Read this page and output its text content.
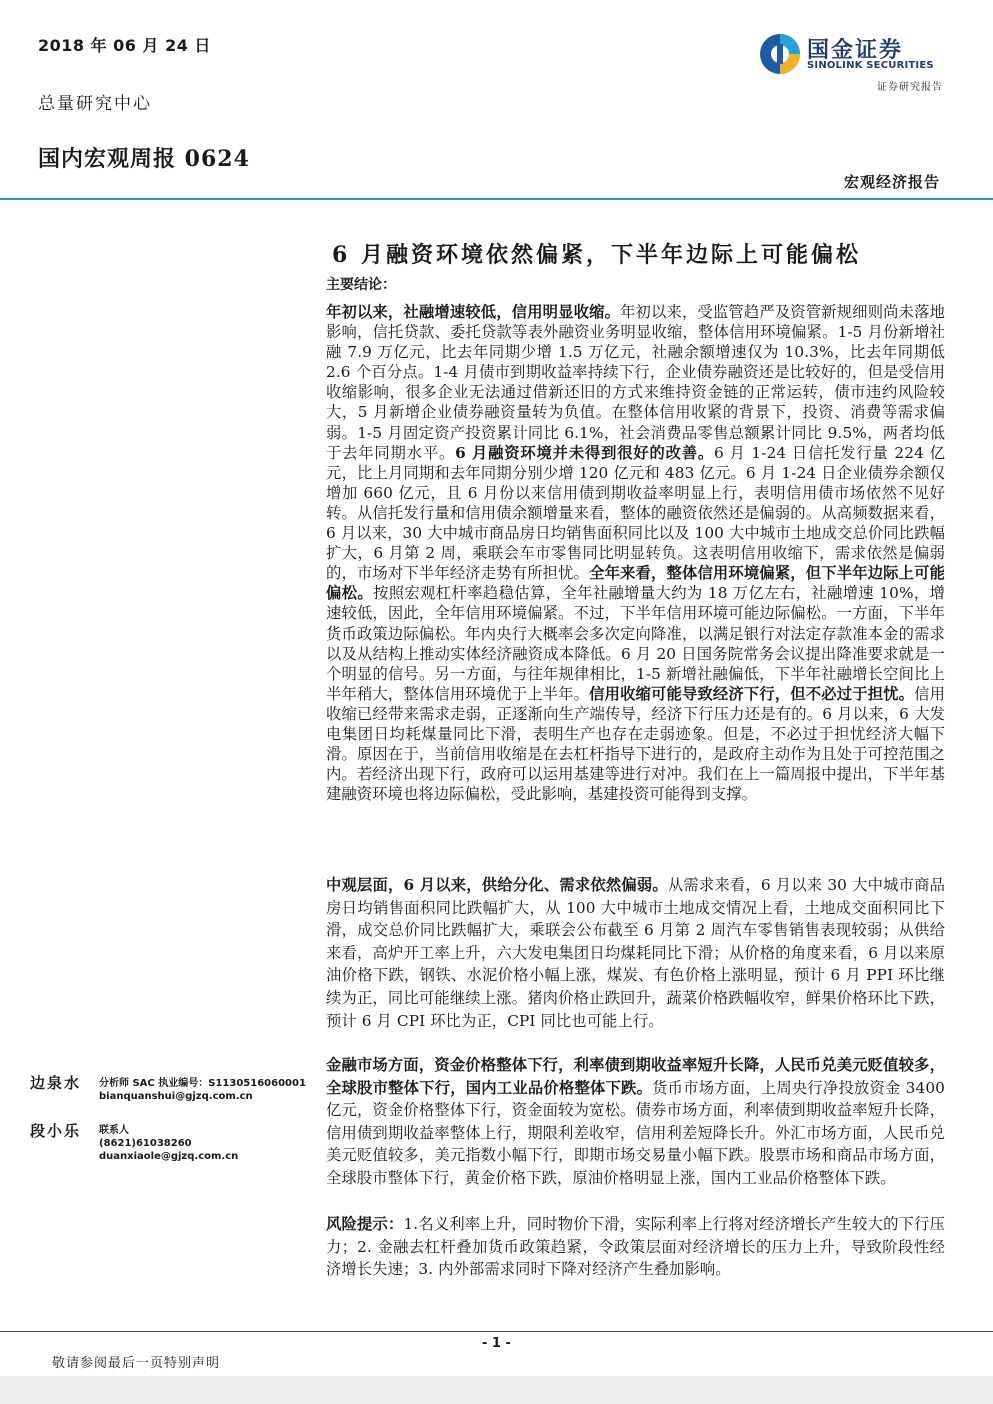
2018 年 06 月 24 日
总量研究中心
国内宏观周报 0624
国金证券
SINOLINK SECURITIES
证券研究报告
宏观经济报告
6 月融资环境依然偏紧，下半年边际上可能偏松
主要结论：
年初以来，社融增速较低，信用明显收缩。年初以来，受监管趋严及资管新规细则尚未落地影响，信托贷款、委托贷款等表外融资业务明显收缩，整体信用环境偏紧。1-5 月份新增社融 7.9 万亿元，比去年同期少增 1.5 万亿元，社融余额增速仅为 10.3%，比去年同期低 2.6 个百分点。1-4 月债市到期收益率持续下行，企业债券融资还是比较好的，但是受信用收缩影响，很多企业无法通过借新还旧的方式来维持资金链的正常运转，债市违约风险较大，5 月新增企业债券融资量转为负值。在整体信用收紧的背景下，投资、消费等需求偏弱。1-5 月固定资产投资累计同比 6.1%，社会消费品零售总额累计同比 9.5%，两者均低于去年同期水平。6 月融资环境并未得到很好的改善。6 月 1-24 日信托发行量 224 亿元，比上月同期和去年同期分别少增 120 亿元和 483 亿元。6 月 1-24 日企业债券余额仅增加 660 亿元，且 6 月份以来信用债到期收益率明显上行，表明信用债市场依然不见好转。从信托发行量和信用债余额增量来看，整体的融资依然还是偏弱的。从高频数据来看，6 月以来，30 大中城市商品房日均销售面积同比以及 100 大中城市土地成交总价同比跌幅扩大，6 月第 2 周，乘联会车市零售同比明显转负。这表明信用收缩下，需求依然是偏弱的，市场对下半年经济走势有所担忧。全年来看，整体信用环境偏紧，但下半年边际上可能偏松。按照宏观杠杆率趋稳估算，全年社融增量大约为 18 万亿左右，社融增速 10%，增速较低，因此，全年信用环境偏紧。不过，下半年信用环境可能边际偏松。一方面，下半年货币政策边际偏松。年内央行大概率会多次定向降准，以满足银行对法定存款准本金的需求以及从结构上推动实体经济融资成本降低。6 月 20 日国务院常务会议提出降准要求就是一个明显的信号。另一方面，与往年规律相比，1-5 新增社融偏低，下半年社融增长空间比上半年稍大，整体信用环境优于上半年。信用收缩可能导致经济下行，但不必过于担忧。信用收缩已经带来需求走弱，正逐渐向生产端传导，经济下行压力还是有的。6 月以来，6 大发电集团日均耗煤量同比下滑，表明生产也存在走弱迹象。但是，不必过于担忧经济大幅下滑。原因在于，当前信用收缩是在去杠杆指导下进行的，是政府主动作为且处于可控范围之内。若经济出现下行，政府可以运用基建等进行对冲。我们在上一篇周报中提出，下半年基建融资环境也将边际偏松，受此影响，基建投资可能得到支撑。
中观层面，6 月以来，供给分化、需求依然偏弱。从需求来看，6 月以来 30 大中城市商品房日均销售面积同比跌幅扩大，从 100 大中城市土地成交情况上看，土地成交面积同比下滑，成交总价同比跌幅扩大，乘联会公布截至 6 月第 2 周汽车零售销售表现较弱；从供给来看，高炉开工率上升，六大发电集团日均煤耗同比下滑；从价格的角度来看，6 月以来原油价格下跌，钢铁、水泥价格小幅上涨，煤炭、有色价格上涨明显，预计 6 月 PPI 环比继续为正，同比可能继续上涨。猪肉价格止跌回升，蔬菜价格跌幅收窄，鲜果价格环比下跌，预计 6 月 CPI 环比为正，CPI 同比也可能上行。
金融市场方面，资金价格整体下行，利率债到期收益率短升长降，人民币兑美元贬值较多，全球股市整体下行，国内工业品价格整体下跌。货币市场方面，上周央行净投放资金 3400 亿元，资金价格整体下行，资金面较为宽松。债券市场方面，利率债到期收益率短升长降，信用债到期收益率整体上行，期限利差收窄，信用利差短降长升。外汇市场方面，人民币兑美元贬值较多，美元指数小幅下行，即期市场交易量小幅下跌。股票市场和商品市场方面，全球股市整体下行，黄金价格下跌，原油价格明显上涨，国内工业品价格整体下跌。
风险提示：1.名义利率上升，同时物价下滑，实际利率上行将对经济增长产生较大的下行压力；2. 金融去杠杆叠加货币政策趋紧，令政策层面对经济增长的压力上升，导致阶段性经济增长失速；3. 内外部需求同时下降对经济产生叠加影响。
边泉水 分析师 SAC 执业编号：S1130516060001
bianquanshui@gjzq.com.cn
段小乐 联系人
(8621)61038260
duanxiaole@gjzq.com.cn
- 1 -
敬请参阅最后一页特别声明
